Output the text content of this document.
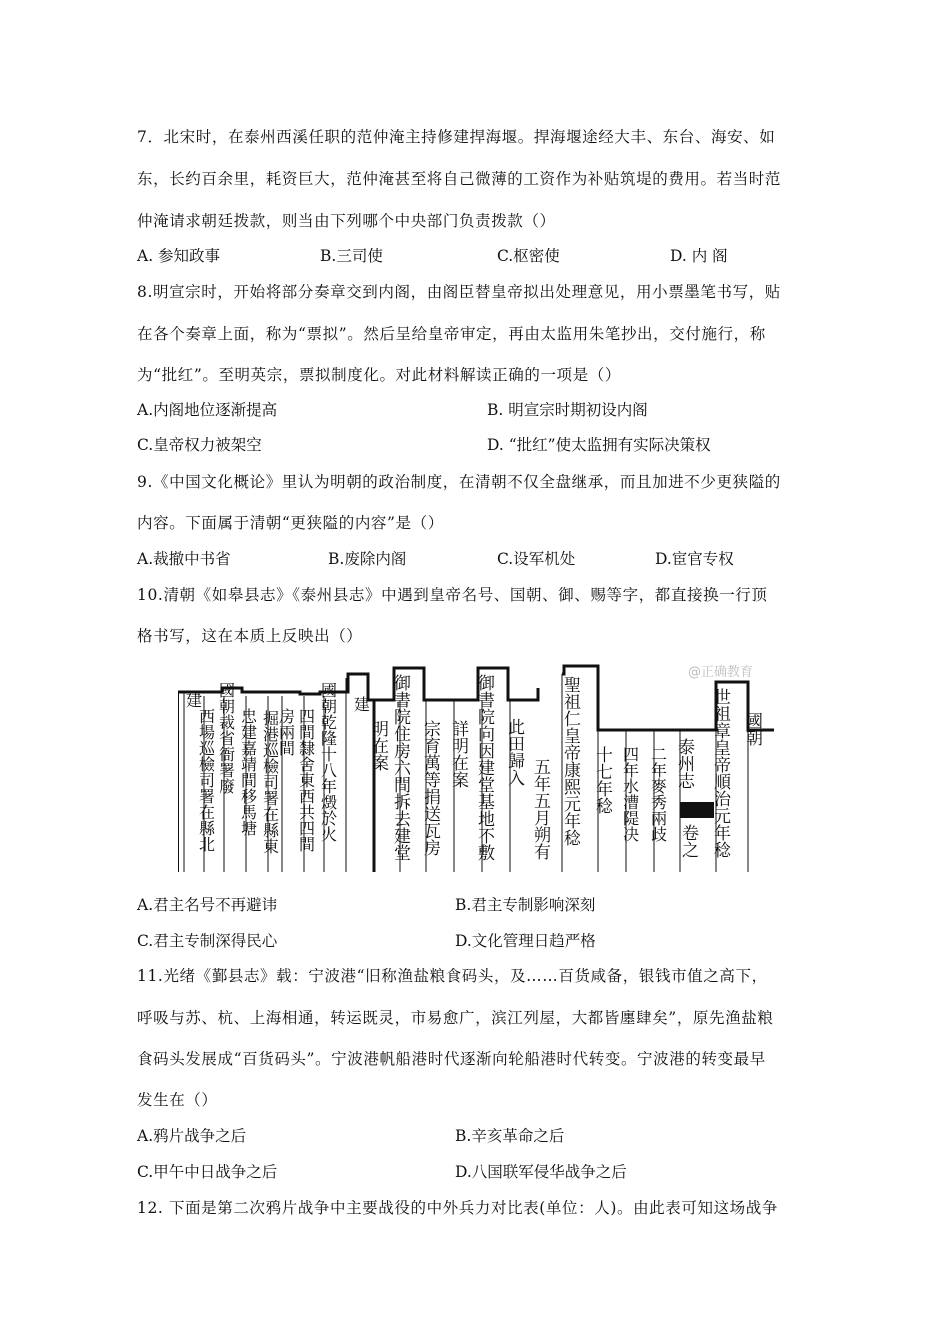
7．北宋时，在泰州西溪任职的范仲淹主持修建捍海堰。捍海堰途经大丰、东台、海安、如
东，长约百余里，耗资巨大，范仲淹甚至将自己微薄的工资作为补贴筑堤的费用。若当时范
仲淹请求朝廷拨款，则当由下列哪个中央部门负责拨款（）
A. 参知政事	B.三司使	C.枢密使	D. 内 阁
8.明宣宗时，开始将部分奏章交到内阁，由阁臣替皇帝拟出处理意见，用小票墨笔书写，贴
在各个奏章上面，称为“票拟”。然后呈给皇帝审定，再由太监用朱笔抄出，交付施行，称
为“批红”。至明英宗，票拟制度化。对此材料解读正确的一项是（）
A.内阁地位逐渐提高	B. 明宣宗时期初设内阁
C.皇帝权力被架空	D. “批红”使太监拥有实际决策权
9.《中国文化概论》里认为明朝的政治制度，在清朝不仅全盘继承，而且加进不少更狭隘的
内容。下面属于清朝“更狭隘的内容”是（）
A.裁撤中书省	B.废除内阁	C.设军机处	D.宦官专权
10.清朝《如皋县志》《泰州县志》中遇到皇帝名号、国朝、御、赐等字，都直接换一行顶
格书写，这在本质上反映出（）
@正确教育
建
西場巡檢司署在縣北 國朝裁省衙署廢 忠建嘉靖間移馬塘 掘港巡檢司署在縣東
房兩間 四間隸舍東西共四間 國朝乾隆十八年燬於火 建 御書院住房六間拆去建堂
明在案 宗育萬等捐送瓦房 詳明在案 御書院向因建堂基地不敷 此田歸入
五年五月朔有 聖祖仁皇帝康熙元年稔 十七年稔 四年水漕隄决 二年麥秀兩歧 泰州志
卷之 世祖章皇帝順治元年稔 國朝
A.君主名号不再避讳	B.君主专制影响深刻
C.君主专制深得民心	D.文化管理日趋严格
11.光绪《鄞县志》载：宁波港“旧称渔盐粮食码头，及……百货咸备，银钱市值之高下，
呼吸与苏、杭、上海相通，转运既灵，市易愈广，滨江列屋，大都皆廛肆矣”，原先渔盐粮
食码头发展成“百货码头”。宁波港帆船港时代逐渐向轮船港时代转变。宁波港的转变最早
发生在（）
A.鸦片战争之后	B.辛亥革命之后
C.甲午中日战争之后	D.八国联军侵华战争之后
12. 下面是第二次鸦片战争中主要战役的中外兵力对比表(单位：人)。由此表可知这场战争
